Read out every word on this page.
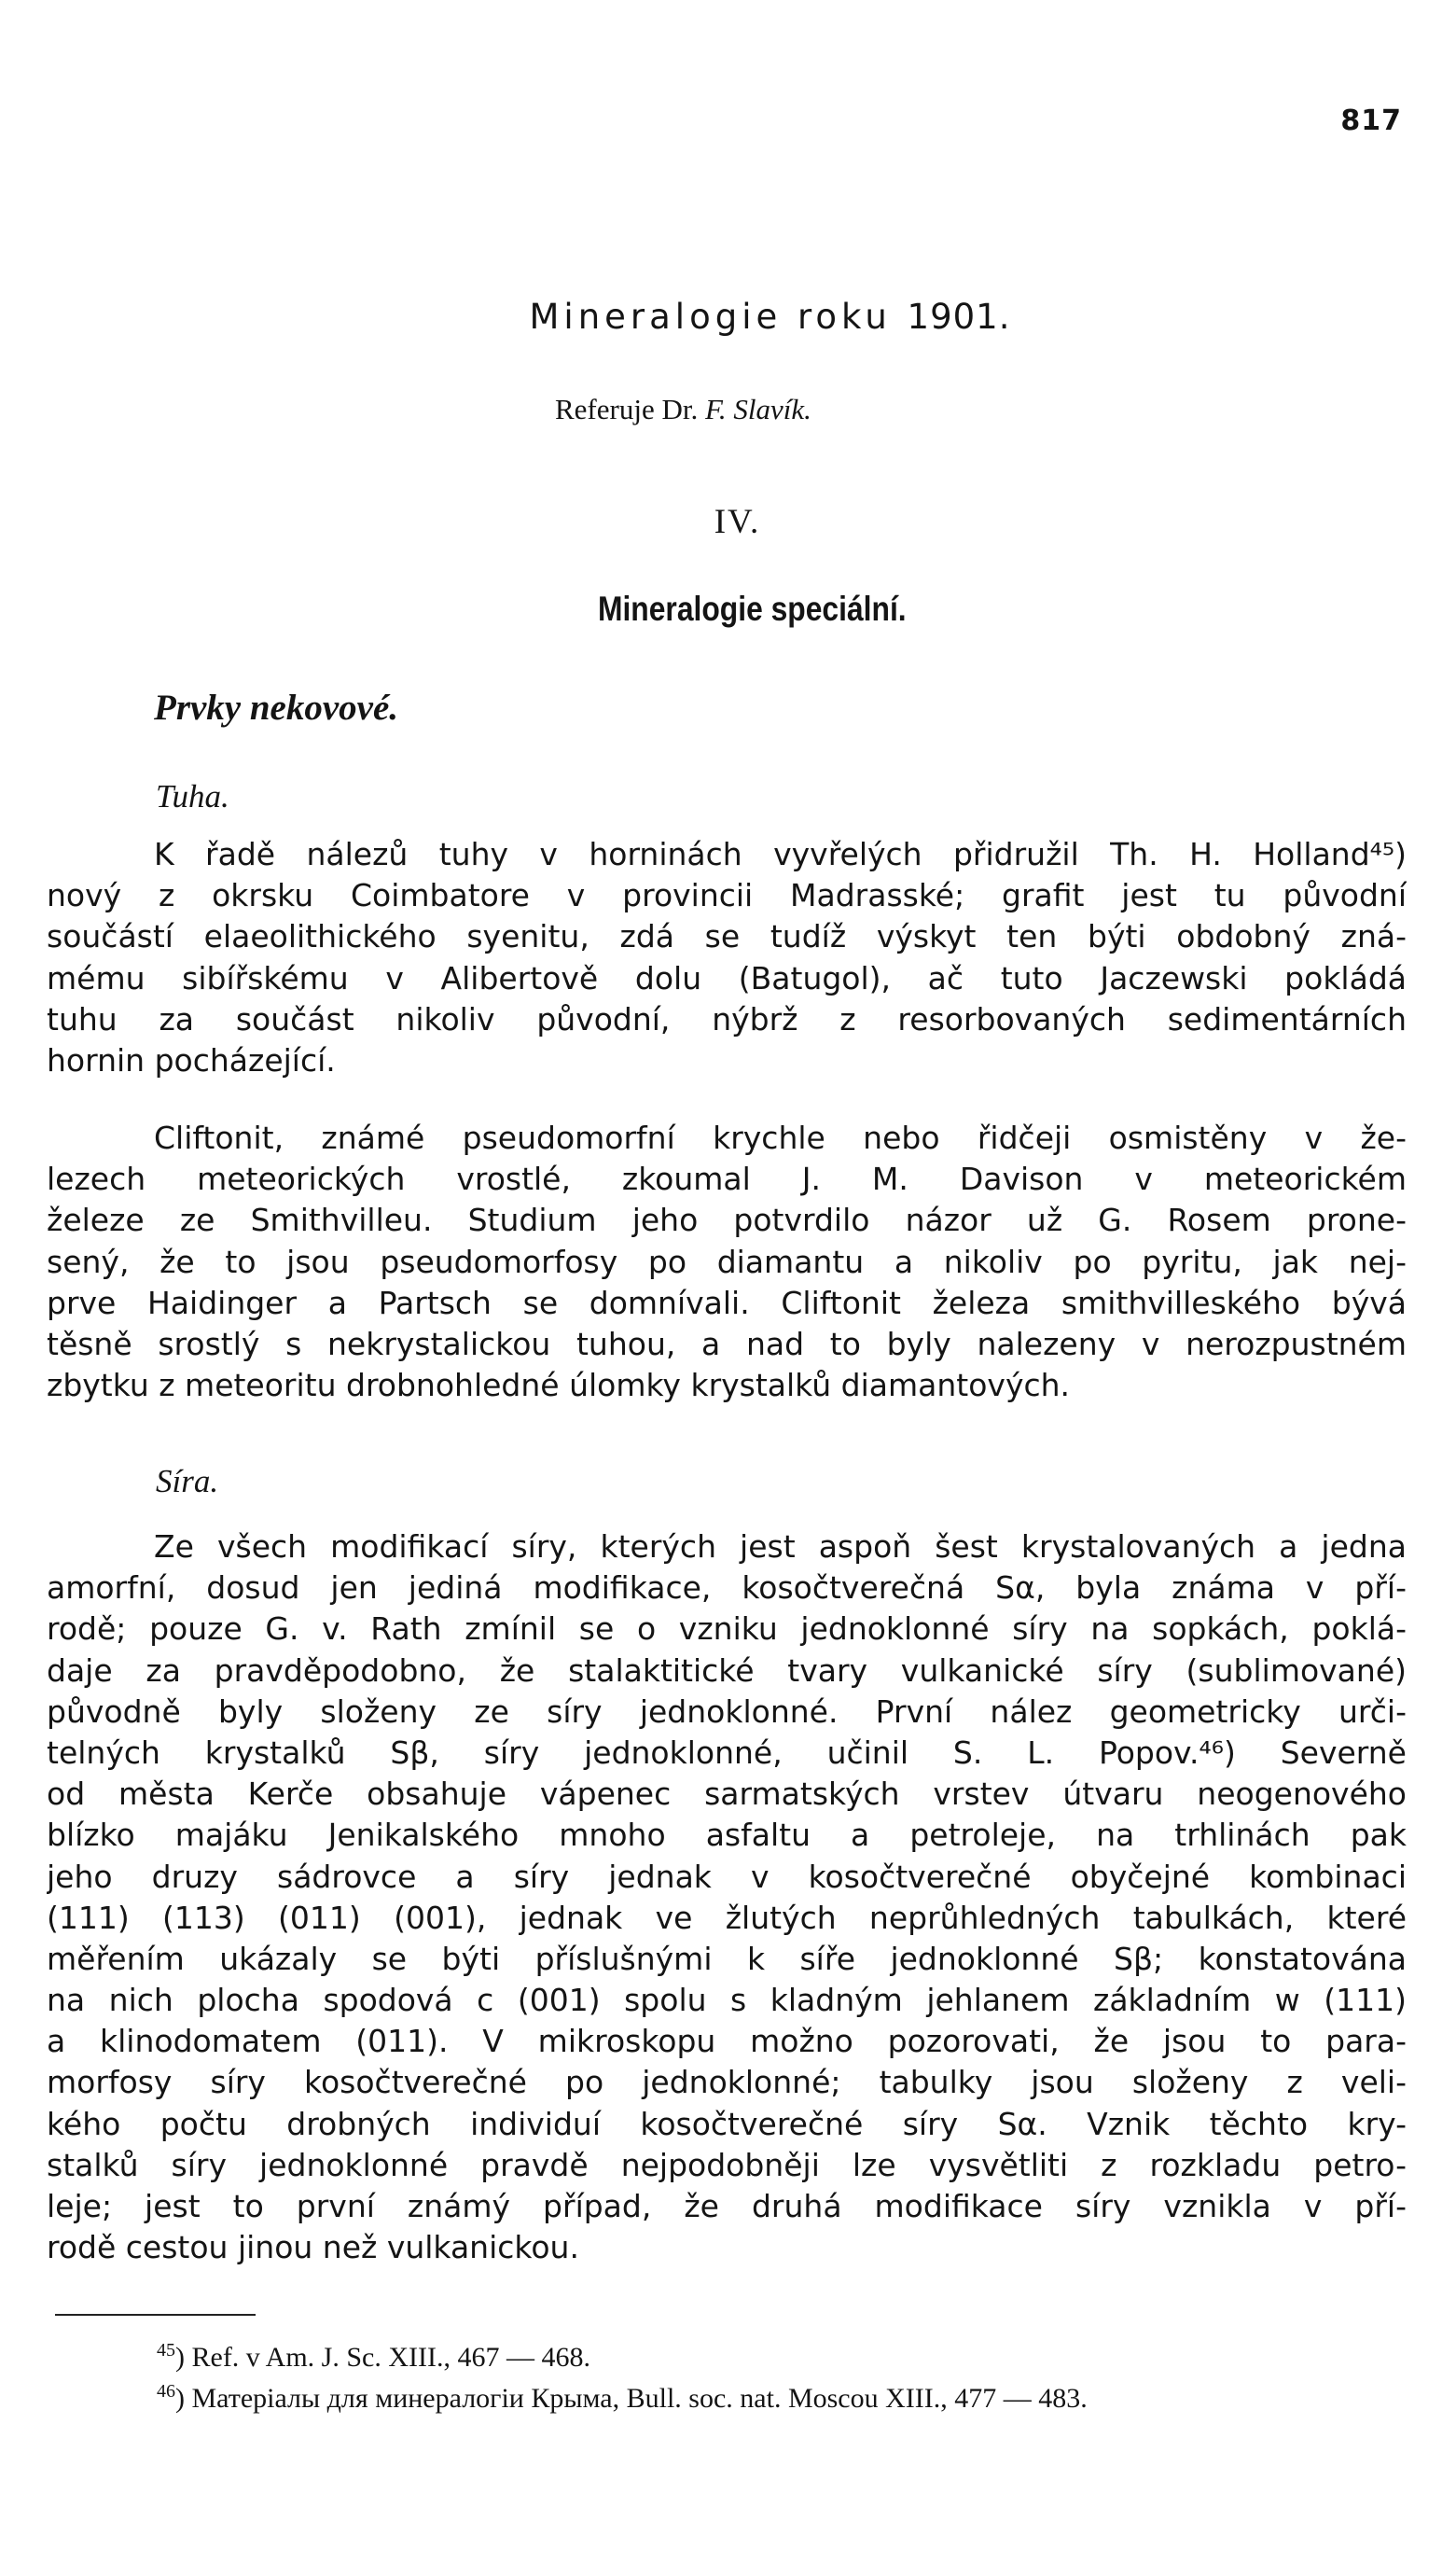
817
Mineralogie roku 1901.
Referuje Dr. F. Slavík.
IV.
Mineralogie speciální.
Prvky nekovové.
Tuha.
K řadě nálezů tuhy v horninách vyvřelých přidružil Th. H. Holland⁴⁵)
nový z okrsku Coimbatore v provincii Madrasské; grafit jest tu původní
součástí elaeolithického syenitu, zdá se tudíž výskyt ten býti obdobný zná-
mému sibířskému v Alibertově dolu (Batugol), ač tuto Jaczewski pokládá
tuhu za součást nikoliv původní, nýbrž z resorbovaných sedimentárních
hornin pocházející.
Cliftonit, známé pseudomorfní krychle nebo řidčeji osmistěny v že-
lezech meteorických vrostlé, zkoumal J. M. Davison v meteorickém
železe ze Smithvilleu. Studium jeho potvrdilo názor už G. Rosem prone-
sený, že to jsou pseudomorfosy po diamantu a nikoliv po pyritu, jak nej-
prve Haidinger a Partsch se domnívali. Cliftonit železa smithvilleského bývá
těsně srostlý s nekrystalickou tuhou, a nad to byly nalezeny v nerozpustném
zbytku z meteoritu drobnohledné úlomky krystalků diamantových.
Síra.
Ze všech modifikací síry, kterých jest aspoň šest krystalovaných a jedna
amorfní, dosud jen jediná modifikace, kosočtverečná Sα, byla známa v pří-
rodě; pouze G. v. Rath zmínil se o vzniku jednoklonné síry na sopkách, poklá-
daje za pravděpodobno, že stalaktitické tvary vulkanické síry (sublimované)
původně byly složeny ze síry jednoklonné. První nález geometricky urči-
telných krystalků Sβ, síry jednoklonné, učinil S. L. Popov.⁴⁶) Severně
od města Kerče obsahuje vápenec sarmatských vrstev útvaru neogenového
blízko majáku Jenikalského mnoho asfaltu a petroleje, na trhlinách pak
jeho druzy sádrovce a síry jednak v kosočtverečné obyčejné kombinaci
(111) (113) (011) (001), jednak ve žlutých neprůhledných tabulkách, které
měřením ukázaly se býti příslušnými k síře jednoklonné Sβ; konstatována
na nich plocha spodová c (001) spolu s kladným jehlanem základním w (111)
a klinodomatem (011). V mikroskopu možno pozorovati, že jsou to para-
morfosy síry kosočtverečné po jednoklonné; tabulky jsou složeny z veli-
kého počtu drobných individuí kosočtverečné síry Sα. Vznik těchto kry-
stalků síry jednoklonné pravdě nejpodobněji lze vysvětliti z rozkladu petro-
leje; jest to první známý případ, že druhá modifikace síry vznikla v pří-
rodě cestou jinou než vulkanickou.
$^{45}$) Ref. v Am. J. Sc. XIII., 467 — 468.
$^{46}$) Матеріалы для минералогіи Крыма, Bull. soc. nat. Moscou XIII., 477 — 483.
